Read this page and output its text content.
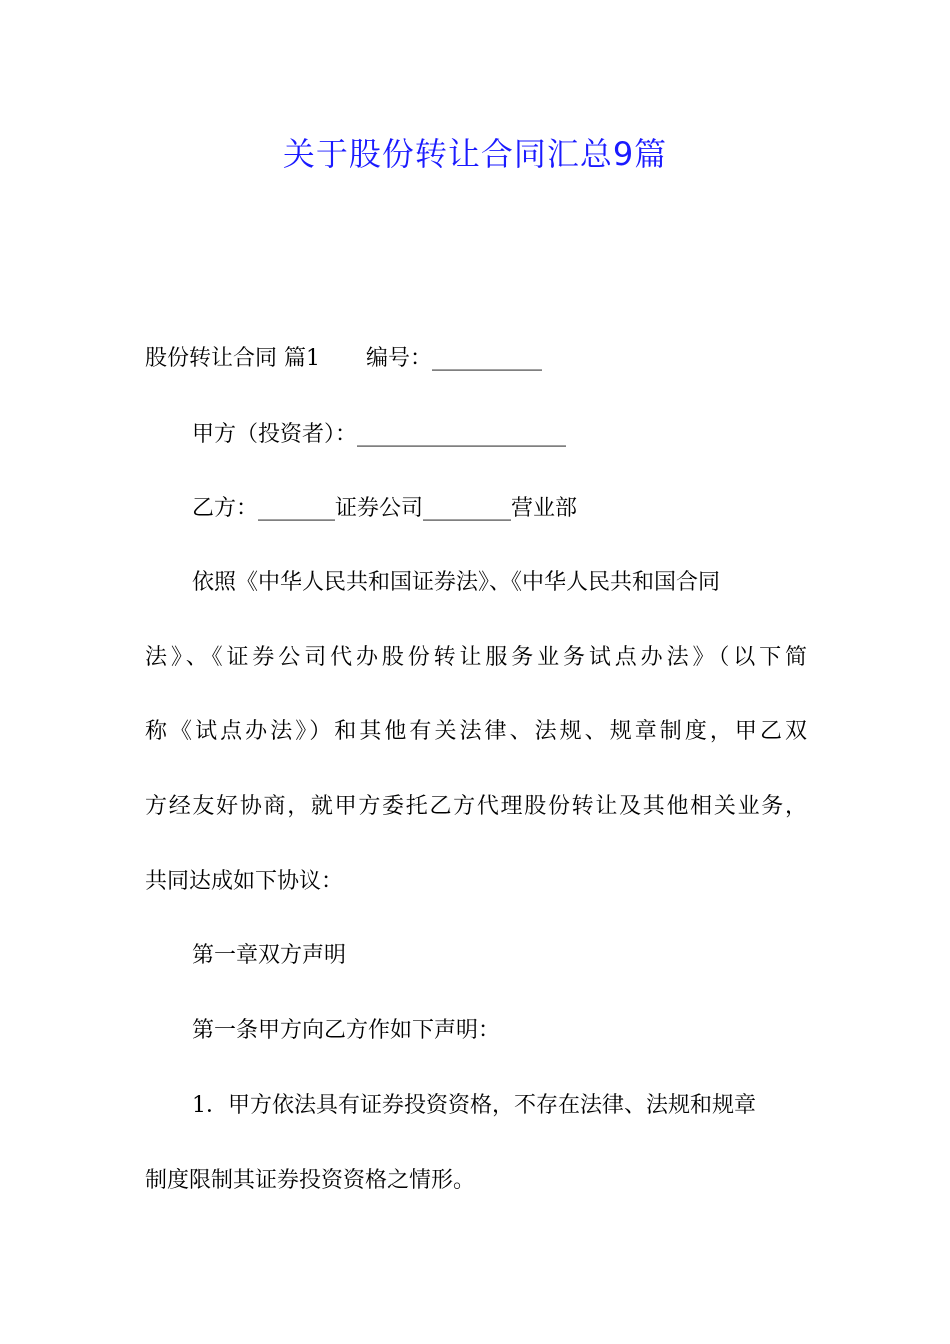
关于股份转让合同汇总9篇
股份转让合同 篇1 编号：__________
甲方（投资者）：___________________
乙方：_______证券公司________营业部
依照《中华人民共和国证券法》、《中华人民共和国合同
法》、《证券公司代办股份转让服务业务试点办法》（以下简
称《试点办法》）和其他有关法律、法规、规章制度，甲乙双
方经友好协商，就甲方委托乙方代理股份转让及其他相关业务，
共同达成如下协议：
第一章双方声明
第一条甲方向乙方作如下声明：
1．甲方依法具有证券投资资格，不存在法律、法规和规章
制度限制其证券投资资格之情形。
